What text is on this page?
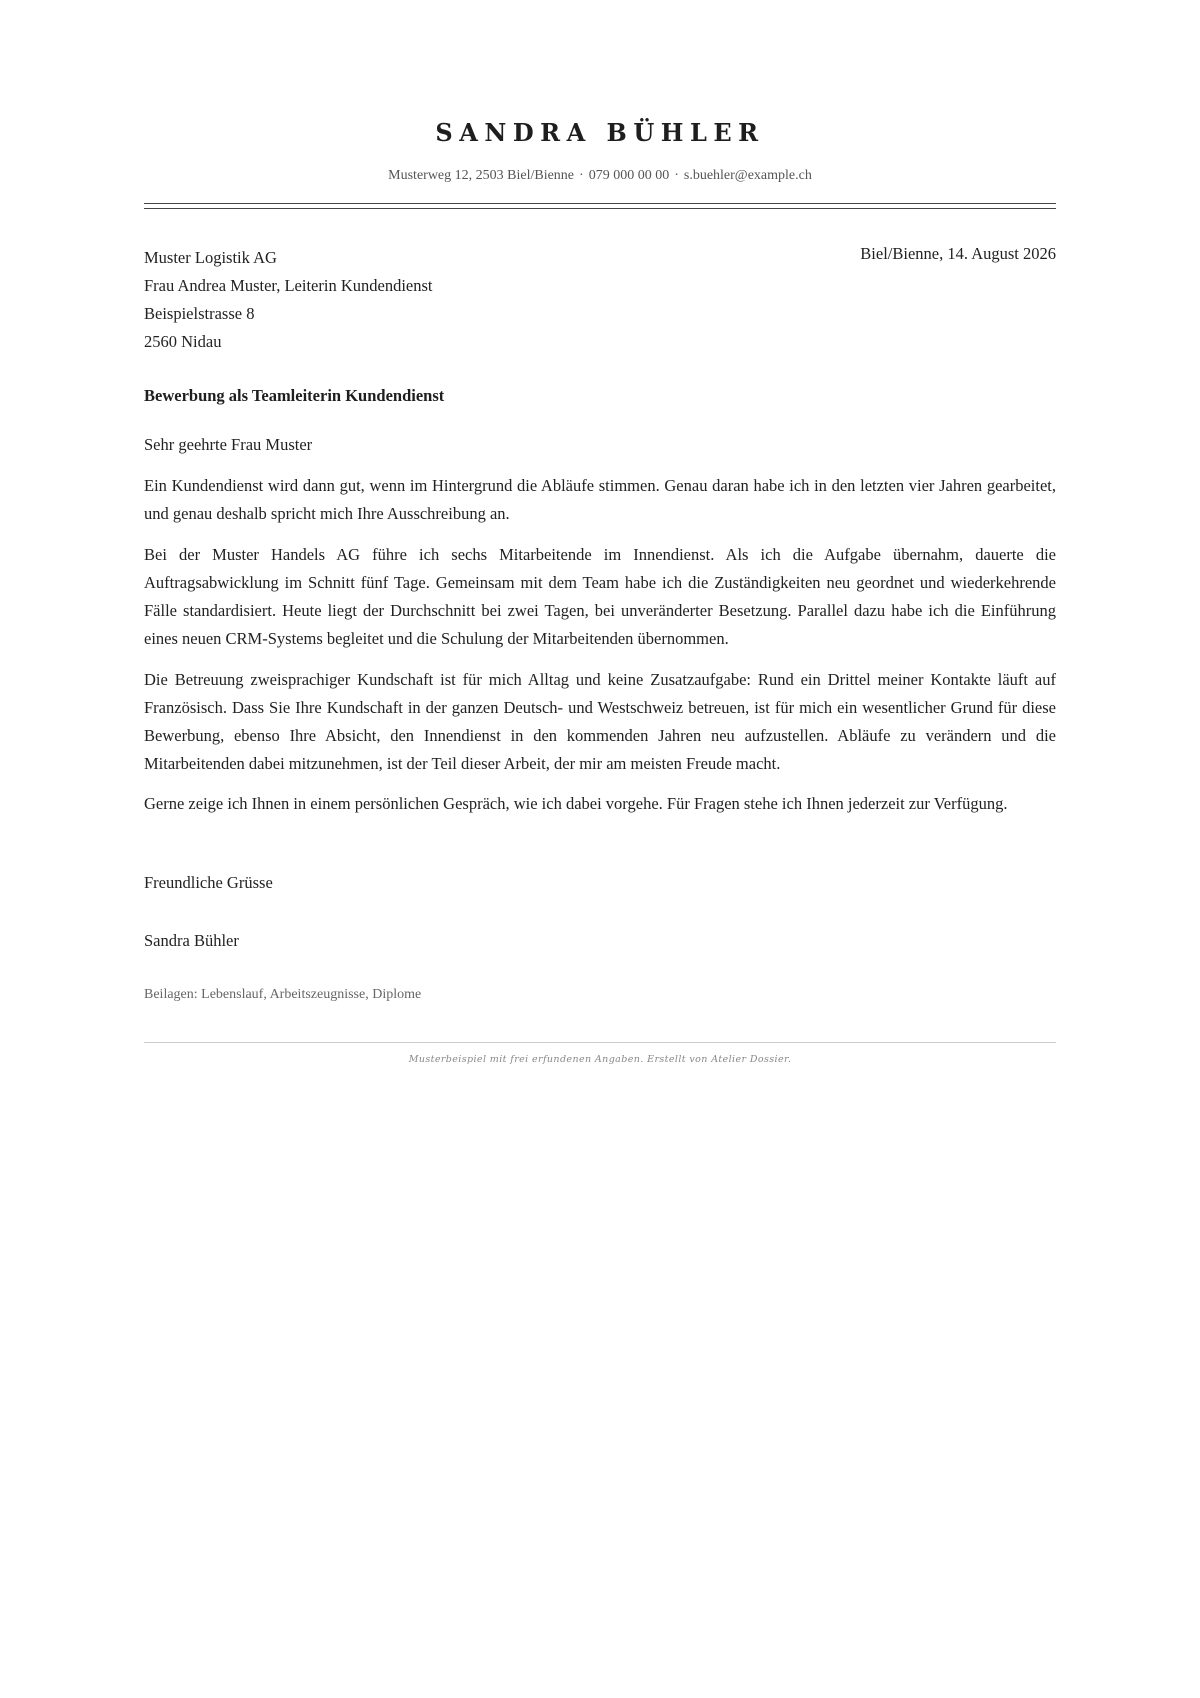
SANDRA BÜHLER
Musterweg 12, 2503 Biel/Bienne · 079 000 00 00 · s.buehler@example.ch
Muster Logistik AG
Frau Andrea Muster, Leiterin Kundendienst
Beispielstrasse 8
2560 Nidau
Biel/Bienne, 14. August 2026
Bewerbung als Teamleiterin Kundendienst
Sehr geehrte Frau Muster

Ein Kundendienst wird dann gut, wenn im Hintergrund die Abläufe stimmen. Genau daran habe ich in den letzten vier Jahren gearbeitet, und genau deshalb spricht mich Ihre Ausschreibung an.

Bei der Muster Handels AG führe ich sechs Mitarbeitende im Innendienst. Als ich die Aufgabe übernahm, dauerte die Auftragsabwicklung im Schnitt fünf Tage. Gemeinsam mit dem Team habe ich die Zuständigkeiten neu geordnet und wiederkehrende Fälle standardisiert. Heute liegt der Durchschnitt bei zwei Tagen, bei unveränderter Besetzung. Parallel dazu habe ich die Einführung eines neuen CRM-Systems begleitet und die Schulung der Mitarbeitenden übernommen.

Die Betreuung zweisprachiger Kundschaft ist für mich Alltag und keine Zusatzaufgabe: Rund ein Drittel meiner Kontakte läuft auf Französisch. Dass Sie Ihre Kundschaft in der ganzen Deutsch- und Westschweiz betreuen, ist für mich ein wesentlicher Grund für diese Bewerbung, ebenso Ihre Absicht, den Innendienst in den kommenden Jahren neu aufzustellen. Abläufe zu verändern und die Mitarbeitenden dabei mitzunehmen, ist der Teil dieser Arbeit, der mir am meisten Freude macht.

Gerne zeige ich Ihnen in einem persönlichen Gespräch, wie ich dabei vorgehe. Für Fragen stehe ich Ihnen jederzeit zur Verfügung.

Freundliche Grüsse
Sandra Bühler
Beilagen: Lebenslauf, Arbeitszeugnisse, Diplome
Musterbeispiel mit frei erfundenen Angaben. Erstellt von Atelier Dossier.
